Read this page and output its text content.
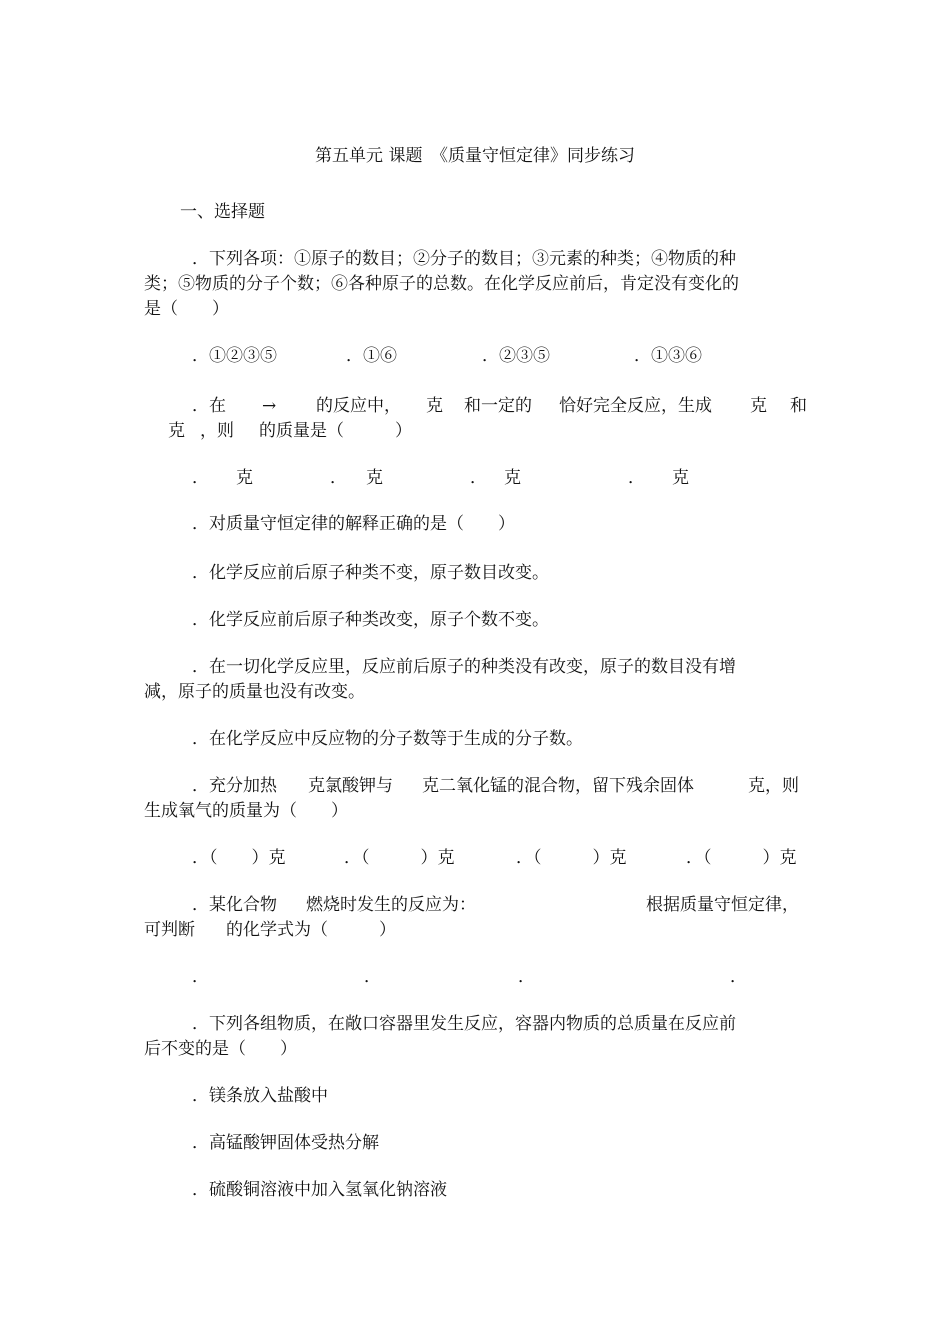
第五单元 课题　《质量守恒定律》同步练习

一、选择题

．下列各项：①原子的数目；②分子的数目；③元素的种类；④物质的种

类；⑤物质的分子个数；⑥各种原子的总数。在化学反应前后，肯定没有变化的

是（　　）

．①②③⑤	．①⑥	．②③⑤	．①③⑥

．在 → 的反应中， 克 和一定的 恰好完全反应，生成 克 和

克 ，则 的质量是（　　　）

． 克	． 克	． 克	． 克

．对质量守恒定律的解释正确的是（　　）

．化学反应前后原子种类不变，原子数目改变。

．化学反应前后原子种类改变，原子个数不变。

．在一切化学反应里，反应前后原子的种类没有改变，原子的数目没有增

减，原子的质量也没有改变。

．在化学反应中反应物的分子数等于生成的分子数。

．充分加热 克氯酸钾与 克二氧化锰的混合物，留下残余固体	克，则

生成氧气的质量为（　　）

．（　　）克	．（　　　）克	．（　　　）克	．（　　　）克

．某化合物 燃烧时发生的反应为：	根据质量守恒定律，

可判断 的化学式为（　　　）

．	．	．	．

．下列各组物质，在敞口容器里发生反应，容器内物质的总质量在反应前

后不变的是（　　）

．镁条放入盐酸中

．高锰酸钾固体受热分解

．硫酸铜溶液中加入氢氧化钠溶液
